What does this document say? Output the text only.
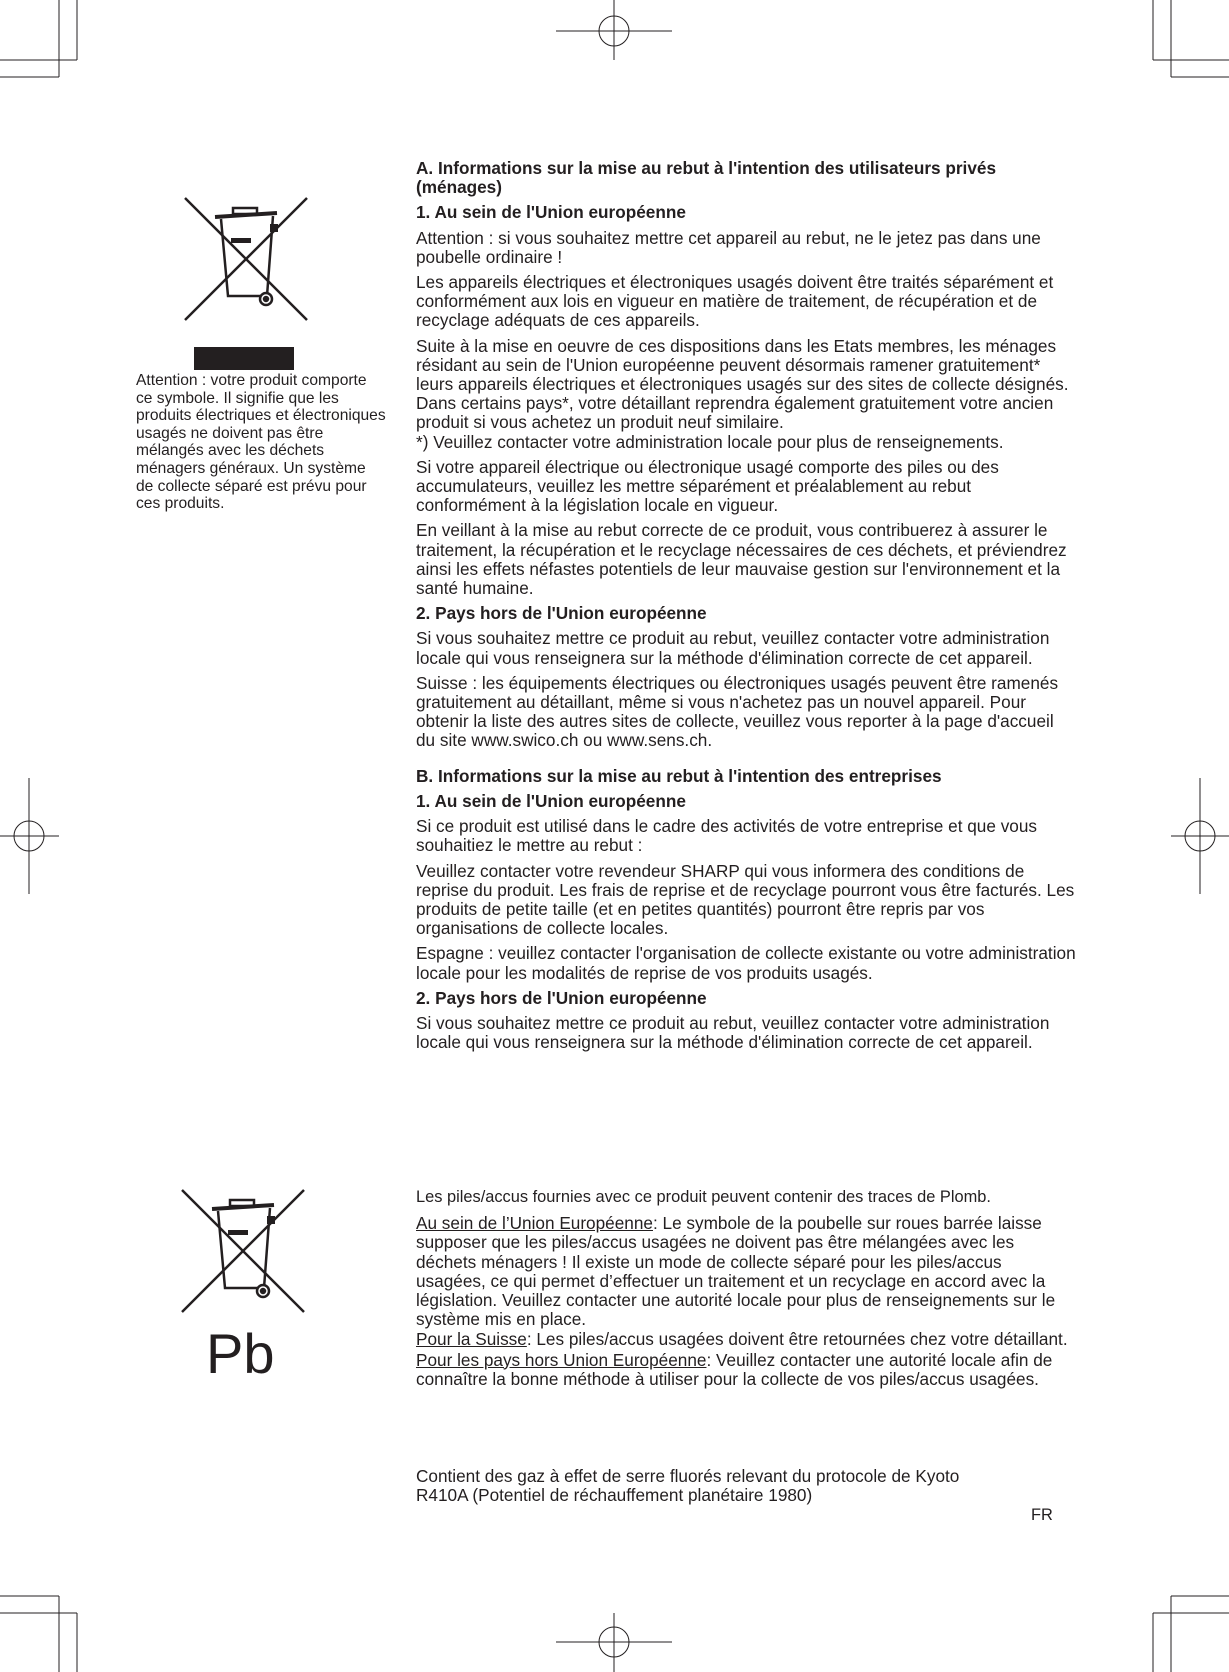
Attention : votre produit comporte ce symbole. Il signifie que les produits électriques et électroniques usagés ne doivent pas être mélangés avec les déchets ménagers généraux. Un système de collecte séparé est prévu pour ces produits.

A. Informations sur la mise au rebut à l'intention des utilisateurs privés (ménages)
1. Au sein de l'Union européenne

Attention : si vous souhaitez mettre cet appareil au rebut, ne le jetez pas dans une poubelle ordinaire !

Les appareils électriques et électroniques usagés doivent être traités séparément et conformément aux lois en vigueur en matière de traitement, de récupération et de recyclage adéquats de ces appareils.

Suite à la mise en oeuvre de ces dispositions dans les Etats membres, les ménages résidant au sein de l'Union européenne peuvent désormais ramener gratuitement* leurs appareils électriques et électroniques usagés sur des sites de collecte désignés.

Dans certains pays*, votre détaillant reprendra également gratuitement votre ancien produit si vous achetez un produit neuf similaire.

*) Veuillez contacter votre administration locale pour plus de renseignements.

Si votre appareil électrique ou électronique usagé comporte des piles ou des accumulateurs, veuillez les mettre séparément et préalablement au rebut conformément à la législation locale en vigueur.

En veillant à la mise au rebut correcte de ce produit, vous contribuerez à assurer le traitement, la récupération et le recyclage nécessaires de ces déchets, et préviendrez ainsi les effets néfastes potentiels de leur mauvaise gestion sur l'environnement et la santé humaine.

2. Pays hors de l'Union européenne

Si vous souhaitez mettre ce produit au rebut, veuillez contacter votre administration locale qui vous renseignera sur la méthode d'élimination correcte de cet appareil.

Suisse : les équipements électriques ou électroniques usagés peuvent être ramenés gratuitement au détaillant, même si vous n'achetez pas un nouvel appareil. Pour obtenir la liste des autres sites de collecte, veuillez vous reporter à la page d'accueil du site www.swico.ch ou www.sens.ch.

B. Informations sur la mise au rebut à l'intention des entreprises
1. Au sein de l'Union européenne

Si ce produit est utilisé dans le cadre des activités de votre entreprise et que vous souhaitiez le mettre au rebut :

Veuillez contacter votre revendeur SHARP qui vous informera des conditions de reprise du produit. Les frais de reprise et de recyclage pourront vous être facturés. Les produits de petite taille (et en petites quantités) pourront être repris par vos organisations de collecte locales.

Espagne : veuillez contacter l'organisation de collecte existante ou votre administration locale pour les modalités de reprise de vos produits usagés.

2. Pays hors de l'Union européenne

Si vous souhaitez mettre ce produit au rebut, veuillez contacter votre administration locale qui vous renseignera sur la méthode d'élimination correcte de cet appareil.

Pb

Les piles/accus fournies avec ce produit peuvent contenir des traces de Plomb.

Au sein de l’Union Européenne: Le symbole de la poubelle sur roues barrée laisse supposer que les piles/accus usagées ne doivent pas être mélangées avec les déchets ménagers ! Il existe un mode de collecte séparé pour les piles/accus usagées, ce qui permet d’effectuer un traitement et un recyclage en accord avec la législation. Veuillez contacter une autorité locale pour plus de renseignements sur le système mis en place.

Pour la Suisse: Les piles/accus usagées doivent être retournées chez votre détaillant.

Pour les pays hors Union Européenne: Veuillez contacter une autorité locale afin de connaître la bonne méthode à utiliser pour la collecte de vos piles/accus usagées.

Contient des gaz à effet de serre fluorés relevant du protocole de Kyoto
R410A (Potentiel de réchauffement planétaire 1980)

FR
